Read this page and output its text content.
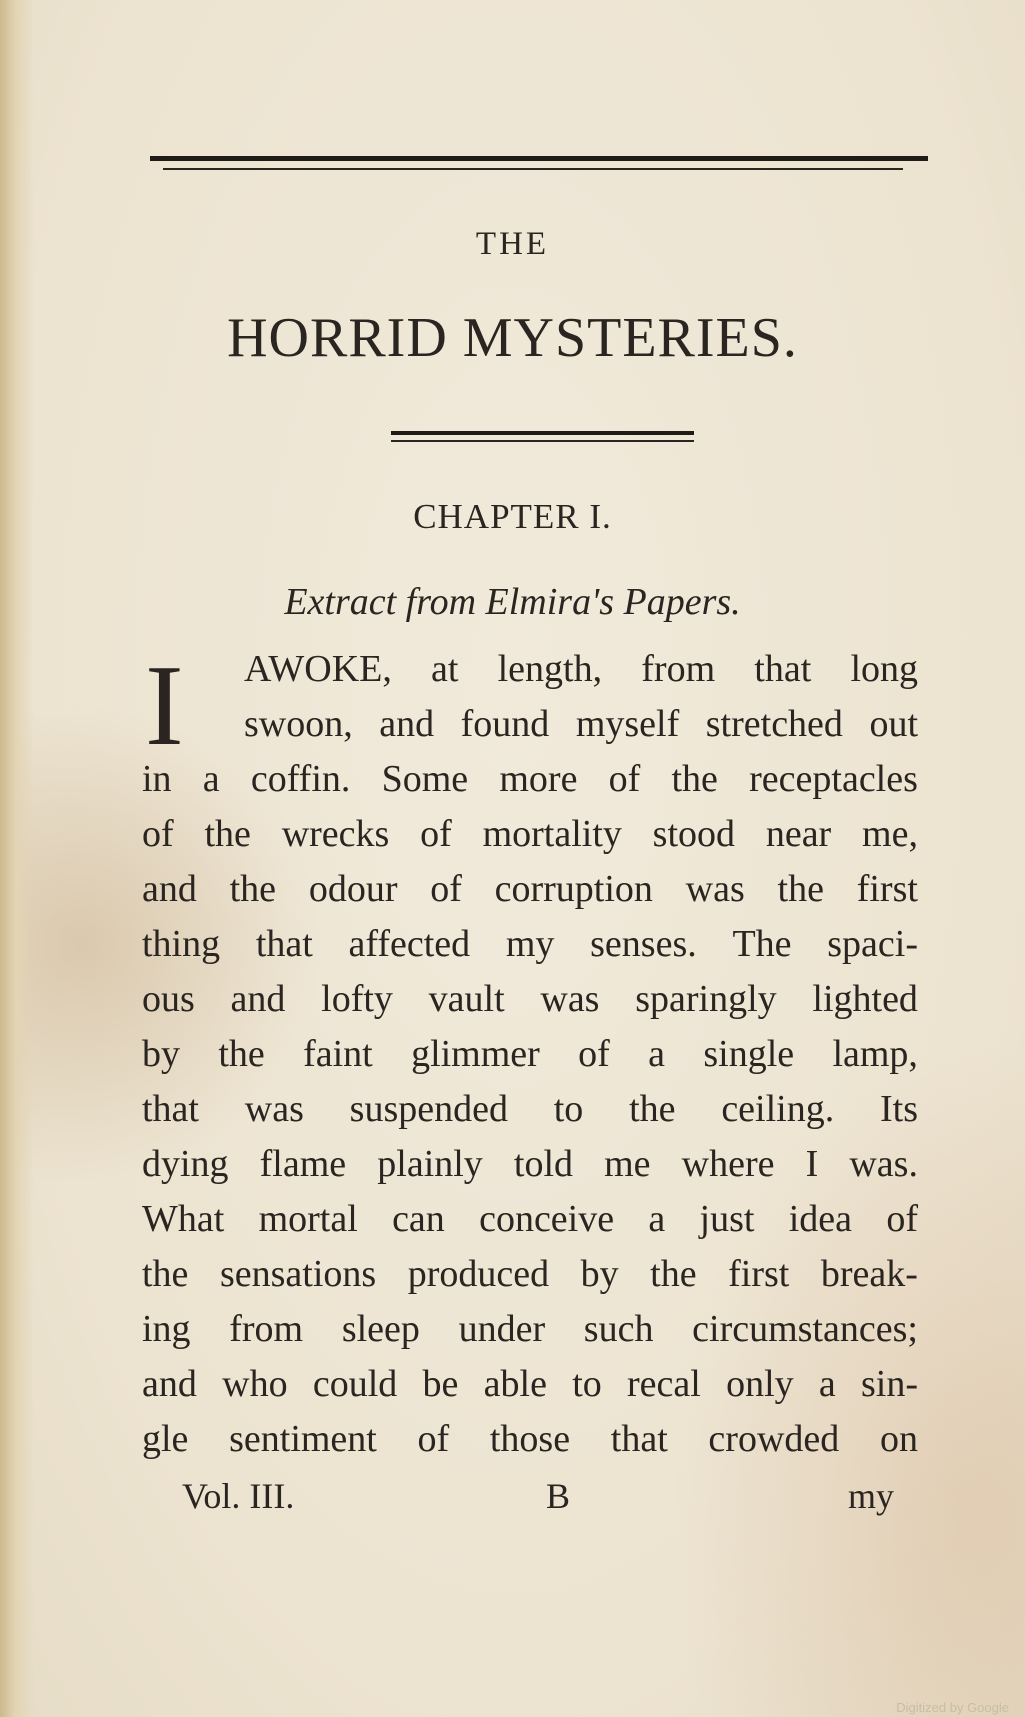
THE
HORRID MYSTERIES.
CHAPTER I.
Extract from Elmira's Papers.
I AWOKE, at length, from that long
swoon, and found myself stretched out
in a coffin. Some more of the receptacles
of the wrecks of mortality stood near me,
and the odour of corruption was the first
thing that affected my senses. The spaci-
ous and lofty vault was sparingly lighted
by the faint glimmer of a single lamp,
that was suspended to the ceiling. Its
dying flame plainly told me where I was.
What mortal can conceive a just idea of
the sensations produced by the first break-
ing from sleep under such circumstances;
and who could be able to recal only a sin-
gle sentiment of those that crowded on
Vol. III.	B	my
Digitized by Google
